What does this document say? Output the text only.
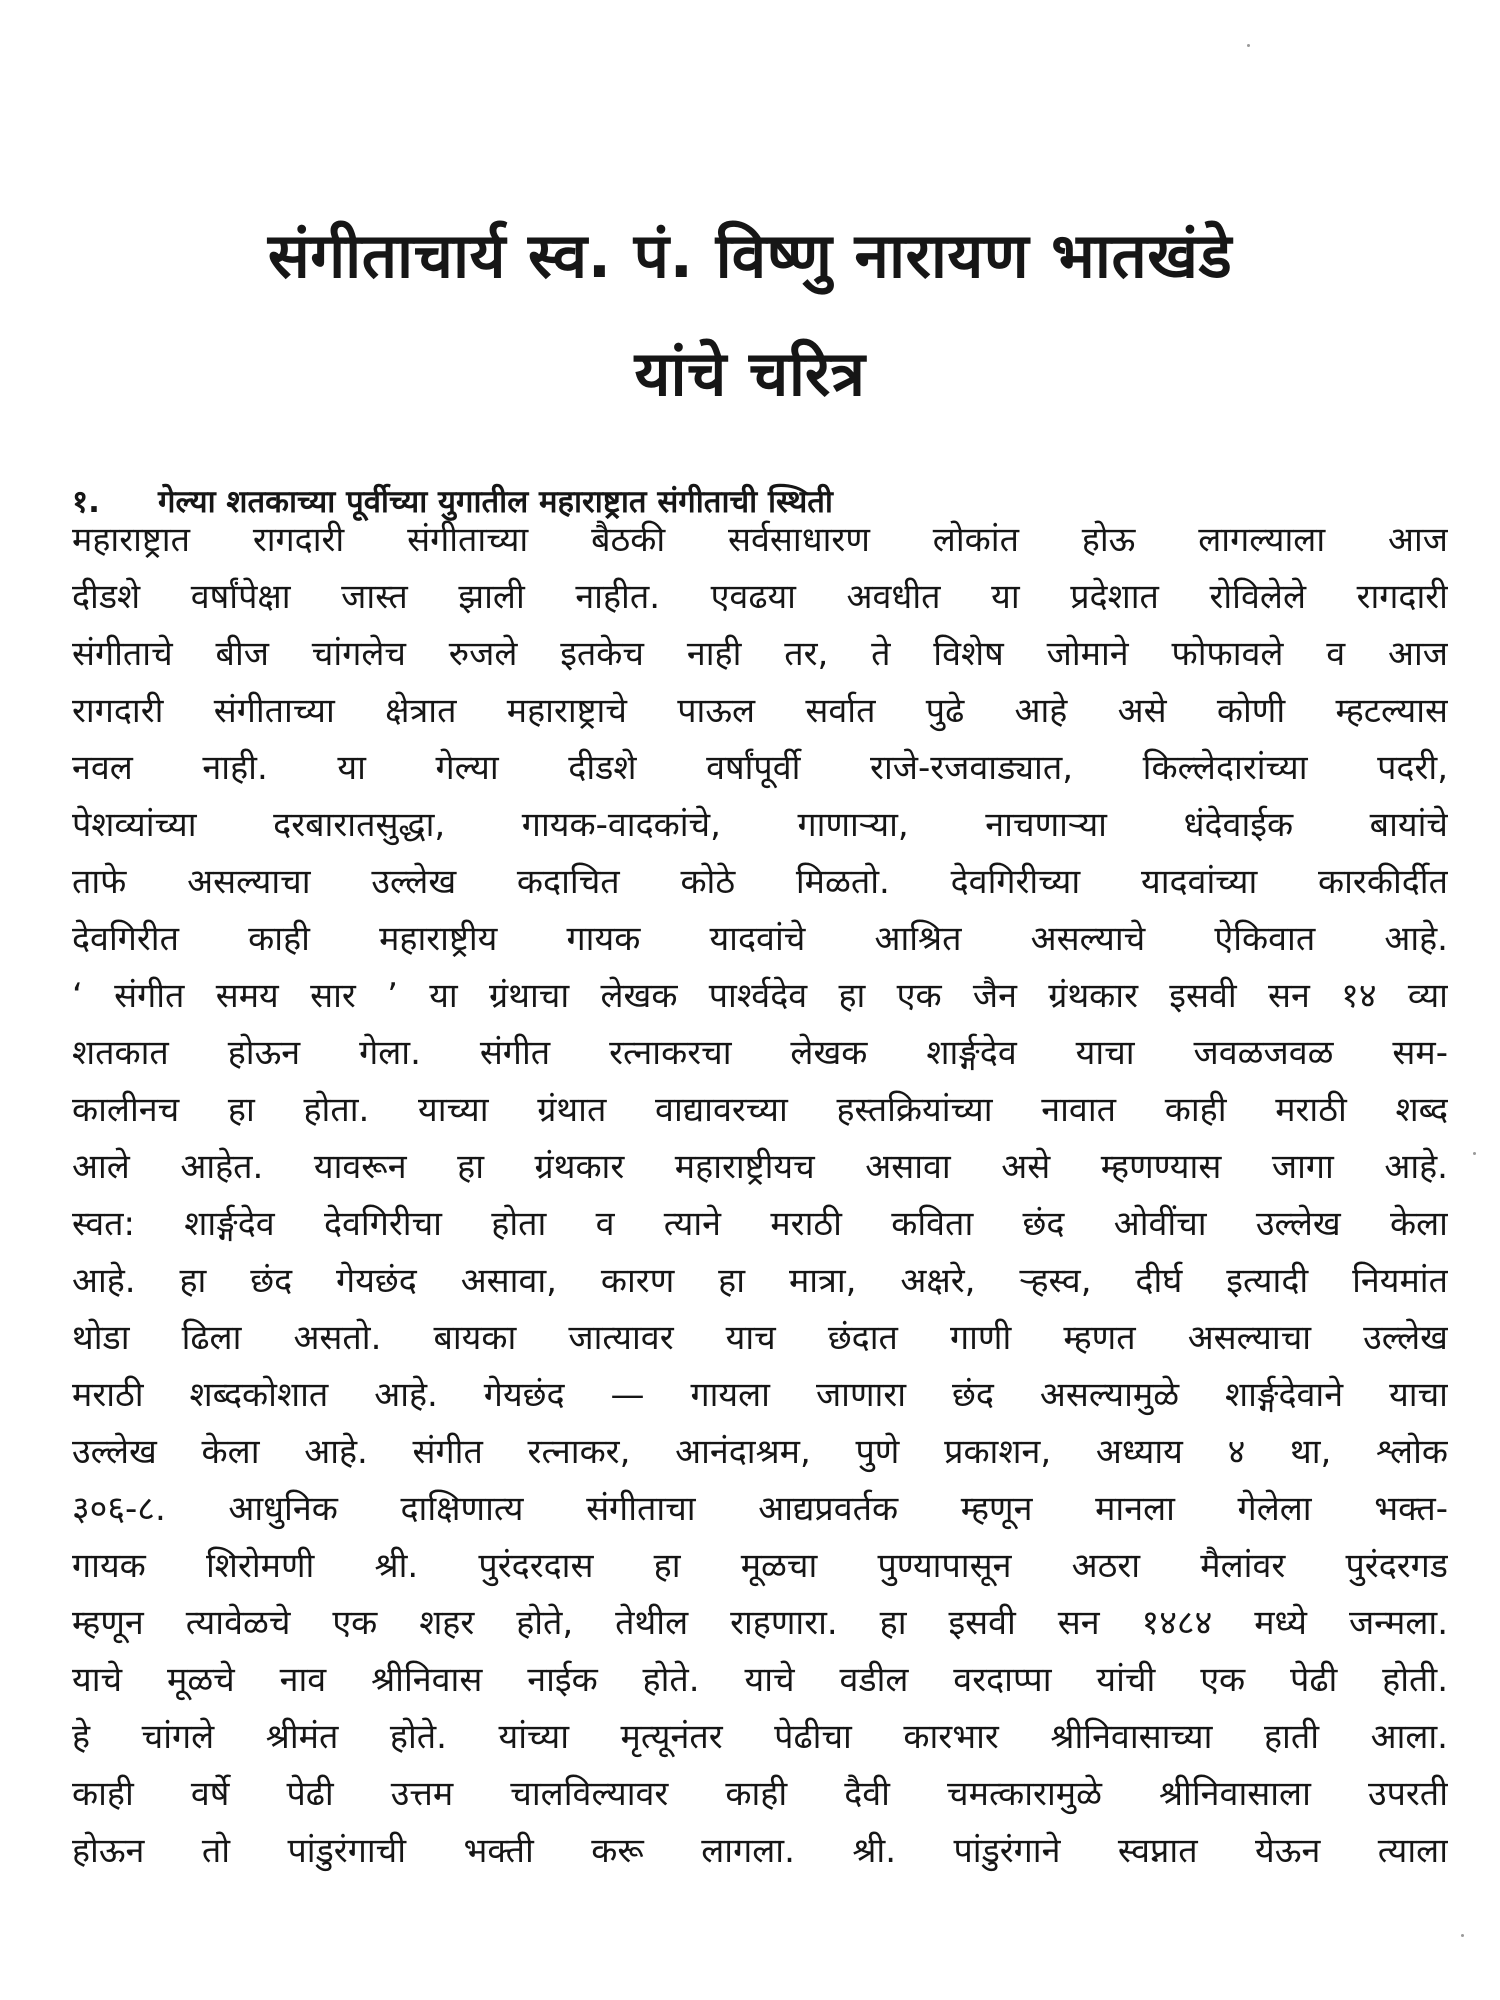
संगीताचार्य स्व. पं. विष्णु नारायण भातखंडे
यांचे चरित्र
१. गेल्या शतकाच्या पूर्वीच्या युगातील महाराष्ट्रात संगीताची स्थिती
महाराष्ट्रात रागदारी संगीताच्या बैठकी सर्वसाधारण लोकांत होऊ लागल्याला आज
दीडशे वर्षांपेक्षा जास्त झाली नाहीत. एवढया अवधीत या प्रदेशात रोविलेले रागदारी
संगीताचे बीज चांगलेच रुजले इतकेच नाही तर, ते विशेष जोमाने फोफावले व आज
रागदारी संगीताच्या क्षेत्रात महाराष्ट्राचे पाऊल सर्वात पुढे आहे असे कोणी म्हटल्यास
नवल नाही. या गेल्या दीडशे वर्षांपूर्वी राजे-रजवाड्यात, किल्लेदारांच्या पदरी,
पेशव्यांच्या दरबारातसुद्धा, गायक-वादकांचे, गाणाऱ्या, नाचणाऱ्या धंदेवाईक बायांचे
ताफे असल्याचा उल्लेख कदाचित कोठे मिळतो. देवगिरीच्या यादवांच्या कारकीर्दीत
देवगिरीत काही महाराष्ट्रीय गायक यादवांचे आश्रित असल्याचे ऐकिवात आहे.
‘ संगीत समय सार ’ या ग्रंथाचा लेखक पार्श्वदेव हा एक जैन ग्रंथकार इसवी सन १४ व्या
शतकात होऊन गेला. संगीत रत्नाकरचा लेखक शार्ङ्गदेव याचा जवळजवळ सम-
कालीनच हा होता. याच्या ग्रंथात वाद्यावरच्या हस्तक्रियांच्या नावात काही मराठी शब्द
आले आहेत. यावरून हा ग्रंथकार महाराष्ट्रीयच असावा असे म्हणण्यास जागा आहे.
स्वत: शार्ङ्गदेव देवगिरीचा होता व त्याने मराठी कविता छंद ओवींचा उल्लेख केला
आहे. हा छंद गेयछंद असावा, कारण हा मात्रा, अक्षरे, ऱ्हस्व, दीर्घ इत्यादी नियमांत
थोडा ढिला असतो. बायका जात्यावर याच छंदात गाणी म्हणत असल्याचा उल्लेख
मराठी शब्दकोशात आहे. गेयछंद — गायला जाणारा छंद असल्यामुळे शार्ङ्गदेवाने याचा
उल्लेख केला आहे. संगीत रत्नाकर, आनंदाश्रम, पुणे प्रकाशन, अध्याय ४ था, श्लोक
३०६-८. आधुनिक दाक्षिणात्य संगीताचा आद्यप्रवर्तक म्हणून मानला गेलेला भक्त-
गायक शिरोमणी श्री. पुरंदरदास हा मूळचा पुण्यापासून अठरा मैलांवर पुरंदरगड
म्हणून त्यावेळचे एक शहर होते, तेथील राहणारा. हा इसवी सन १४८४ मध्ये जन्मला.
याचे मूळचे नाव श्रीनिवास नाईक होते. याचे वडील वरदाप्पा यांची एक पेढी होती.
हे चांगले श्रीमंत होते. यांच्या मृत्यूनंतर पेढीचा कारभार श्रीनिवासाच्या हाती आला.
काही वर्षे पेढी उत्तम चालविल्यावर काही दैवी चमत्कारामुळे श्रीनिवासाला उपरती
होऊन तो पांडुरंगाची भक्ती करू लागला. श्री. पांडुरंगाने स्वप्नात येऊन त्याला
